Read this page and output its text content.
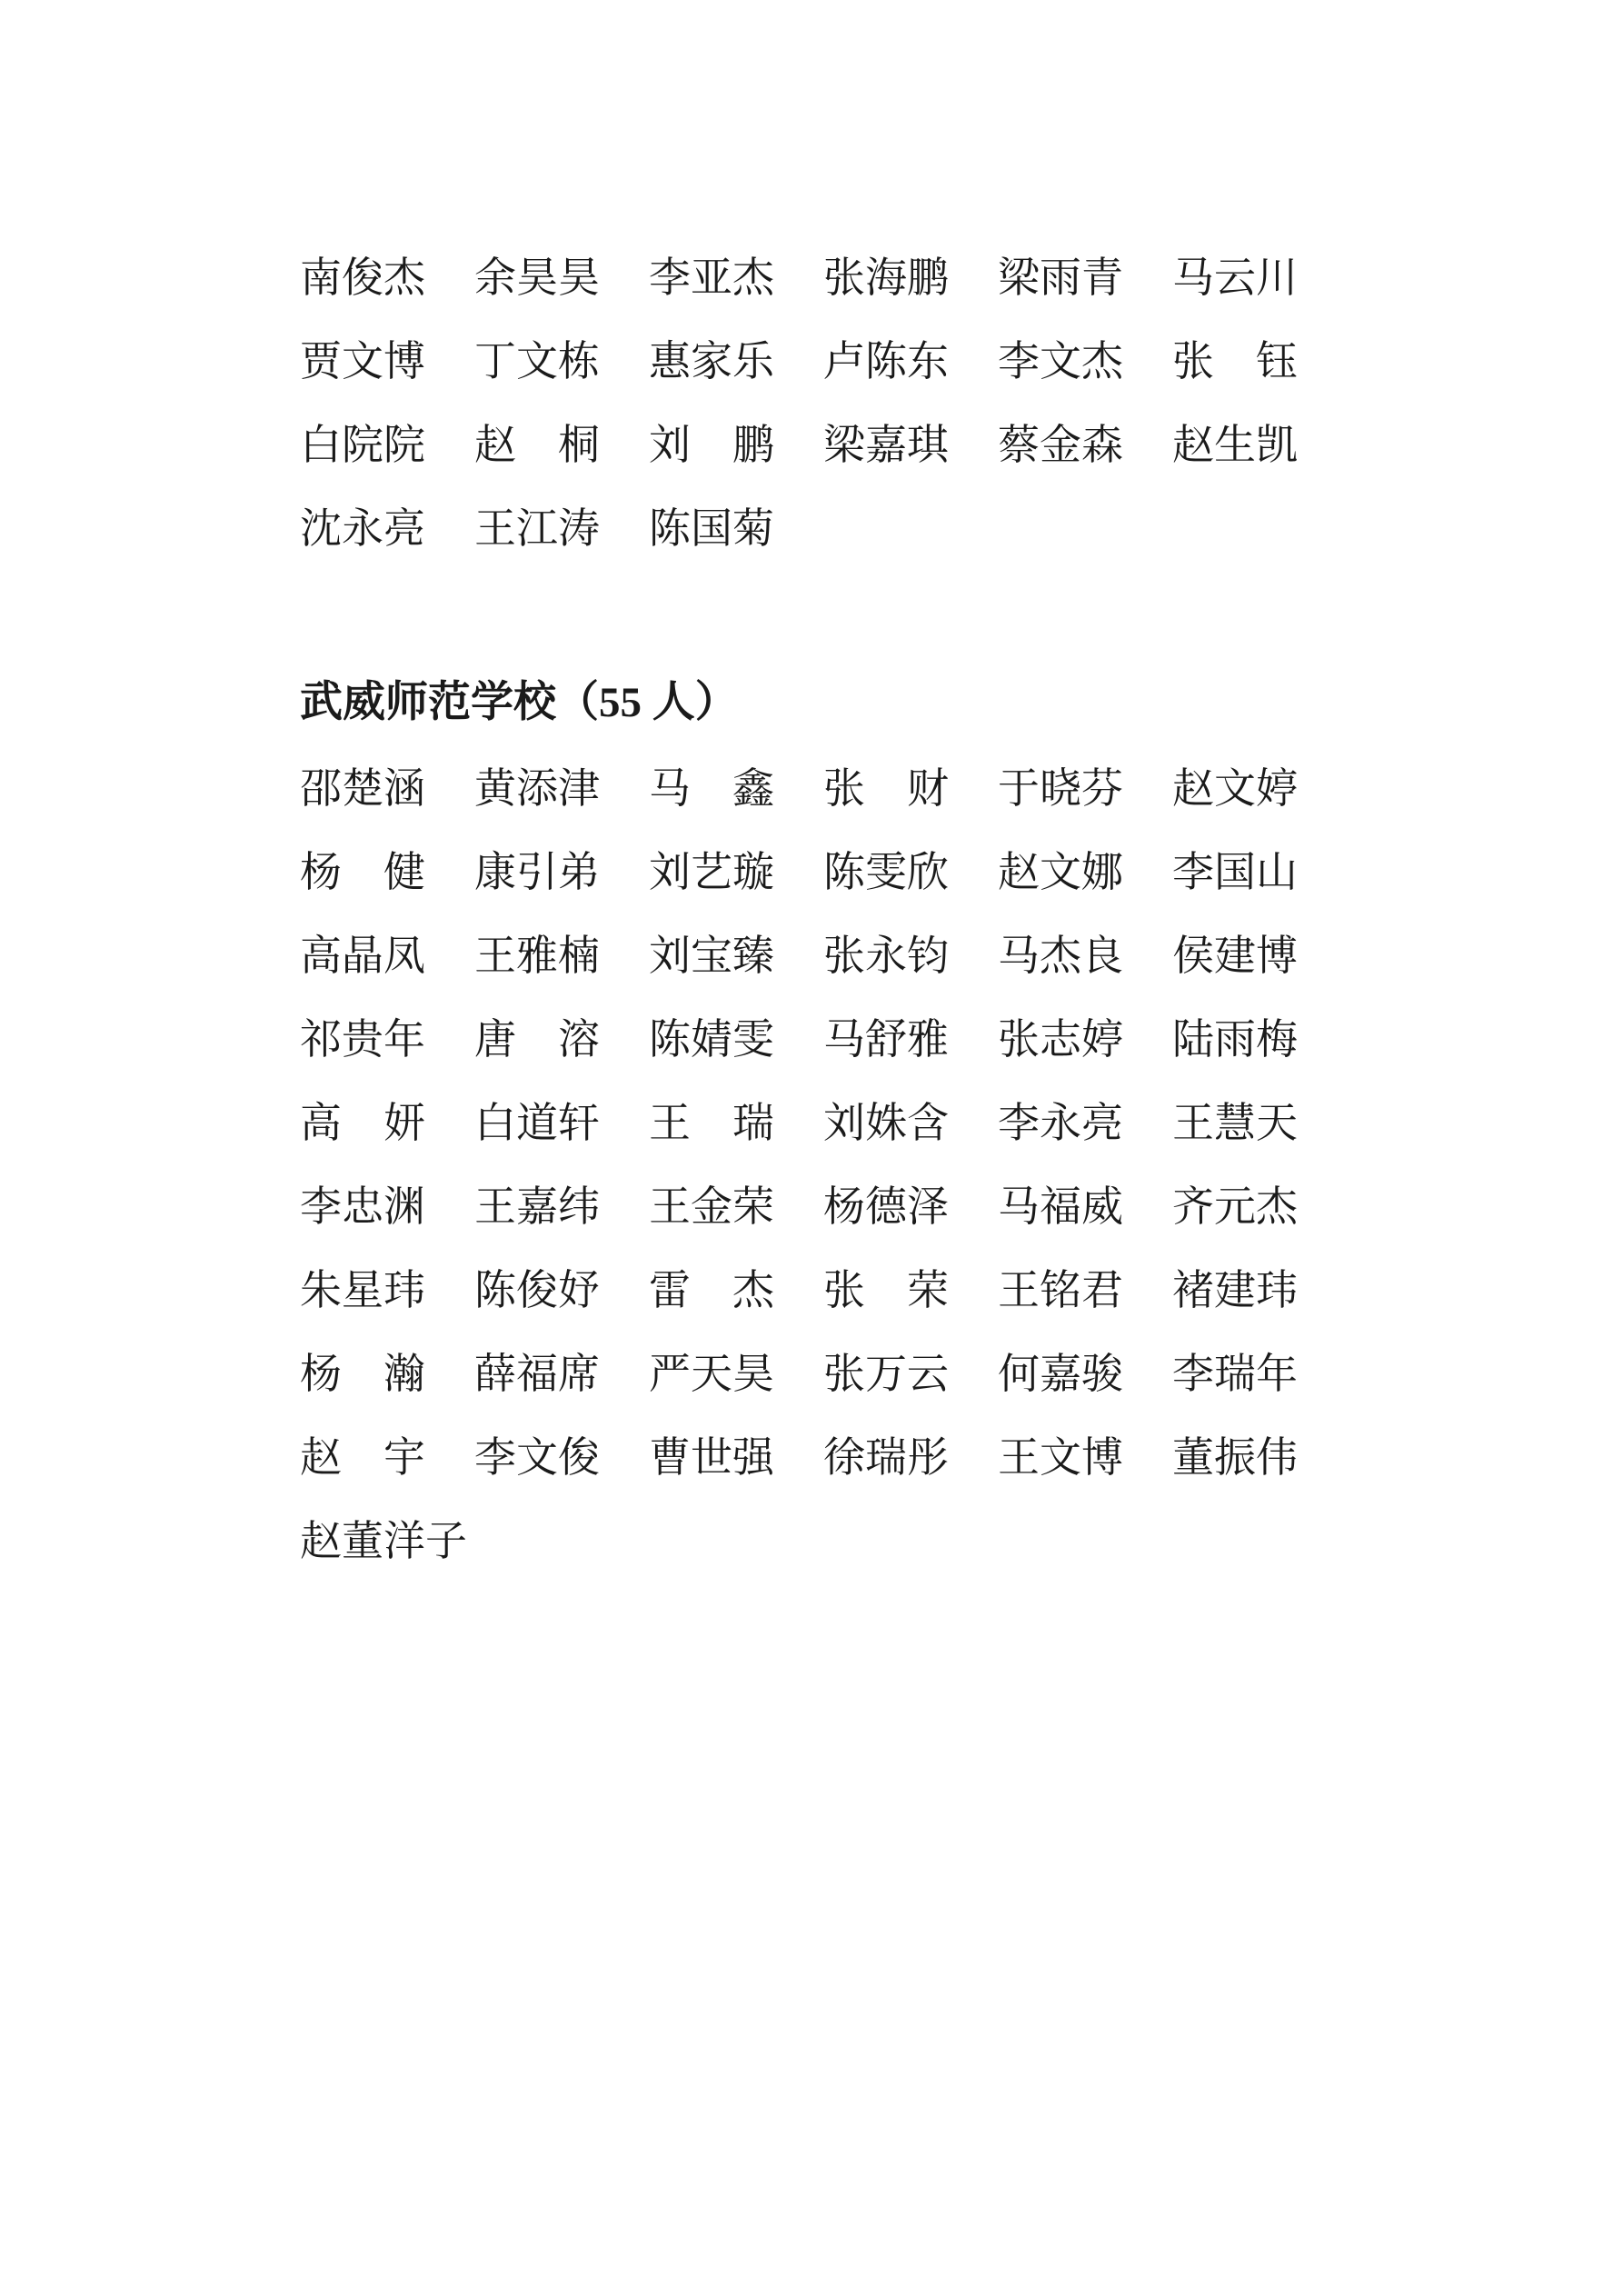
南俊杰 余昊昊 李亚杰 张海鹏 梁雨青 马云川
贾文博 丁文栋 惠家乐 卢陈东 李文杰 张　钰
白院院 赵　桐 刘　鹏 梁嘉琪 蔡金森 赵生凯
沈永亮 王江涛 陈国菊
武威师范学校（55 人）
邵楚涵 黄添津 马　鑫 张　财 于晓芬 赵文婷
杨　健 康引弟 刘艺璇 陈雯欣 赵文娜 李国山
高晶凤 王雅楠 刘宝臻 张永钧 马杰良 侯建博
祁贵年 唐　溶 陈婧雯 马舒雅 张志婷 陆雨梅
高　妍 白道轩 王　瑞 刘姝含 李永亮 王慧天
李忠渊 王嘉纬 王金荣 杨德泽 马福威 齐元杰
朱星玮 陈俊妤 雷　杰 张　荣 王铭君 褚建玮
杨　瀚 薛福席 严天昊 张万云 何嘉骏 李瑞年
赵　宇 李文俊 曹世强 徐瑞彤 王文博 董振伟
赵董洋子
